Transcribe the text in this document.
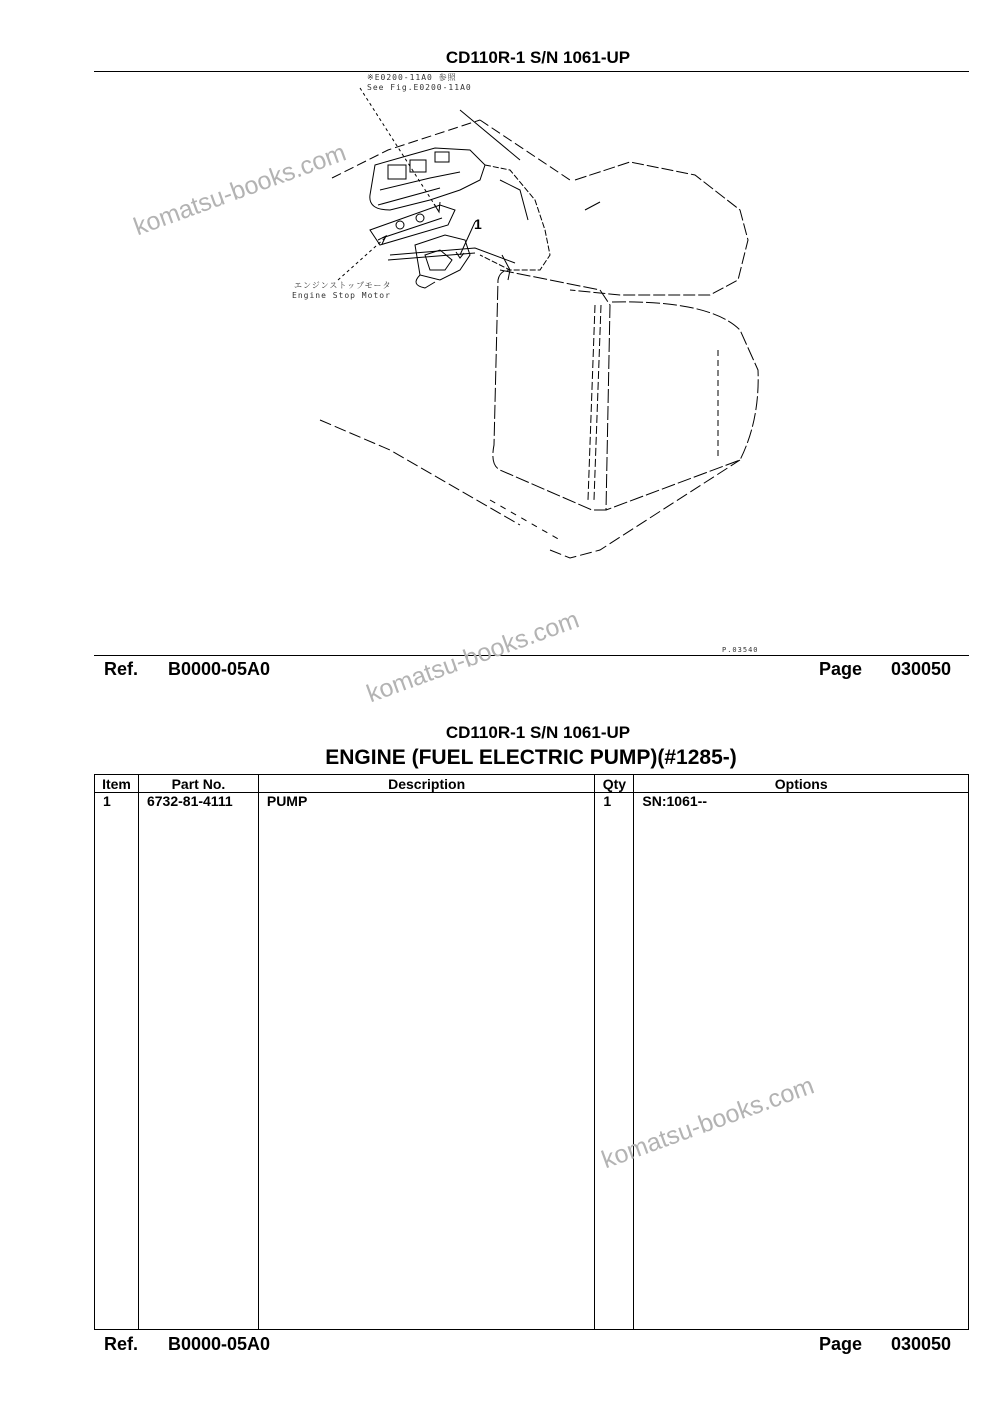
CD110R-1 S/N 1061-UP
※E0200-11A0 参照
See Fig.E0200-11A0
エンジンストップモータ
Engine Stop Motor
1
P.03540
Ref. B0000-05A0	Page 030050
CD110R-1 S/N 1061-UP
ENGINE (FUEL ELECTRIC PUMP)(#1285-)
Item	Part No.	Description	Qty	Options
1	6732-81-4111	PUMP	1	SN:1061--

Ref. B0000-05A0	Page 030050
komatsu-books.com
komatsu-books.com
komatsu-books.com
